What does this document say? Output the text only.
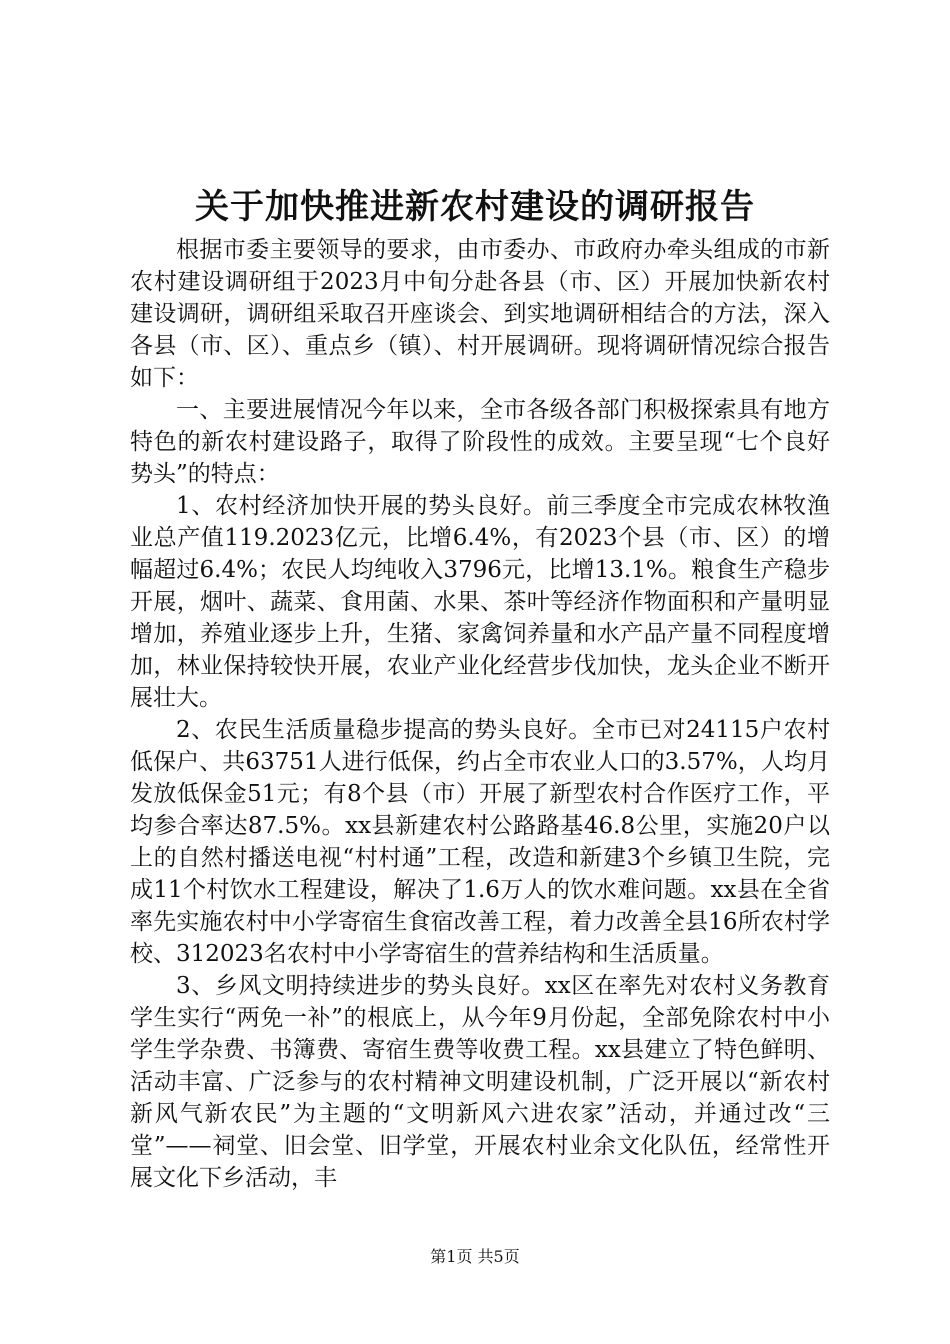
关于加快推进新农村建设的调研报告

根据市委主要领导的要求，由市委办、市政府办牵头组成的市新农村建设调研组于2023月中旬分赴各县（市、区）开展加快新农村建设调研，调研组采取召开座谈会、到实地调研相结合的方法，深入各县（市、区）、重点乡（镇）、村开展调研。现将调研情况综合报告如下：

一、主要进展情况今年以来，全市各级各部门积极探索具有地方特色的新农村建设路子，取得了阶段性的成效。主要呈现“七个良好势头”的特点：

1、农村经济加快开展的势头良好。前三季度全市完成农林牧渔业总产值119.2023亿元，比增6.4%，有2023个县（市、区）的增幅超过6.4%；农民人均纯收入3796元，比增13.1%。粮食生产稳步开展，烟叶、蔬菜、食用菌、水果、茶叶等经济作物面积和产量明显增加，养殖业逐步上升，生猪、家禽饲养量和水产品产量不同程度增加，林业保持较快开展，农业产业化经营步伐加快，龙头企业不断开展壮大。

2、农民生活质量稳步提高的势头良好。全市已对24115户农村低保户、共63751人进行低保，约占全市农业人口的3.57%，人均月发放低保金51元；有8个县（市）开展了新型农村合作医疗工作，平均参合率达87.5%。xx县新建农村公路路基46.8公里，实施20户以上的自然村播送电视“村村通”工程，改造和新建3个乡镇卫生院，完成11个村饮水工程建设，解决了1.6万人的饮水难问题。xx县在全省率先实施农村中小学寄宿生食宿改善工程，着力改善全县16所农村学校、312023名农村中小学寄宿生的营养结构和生活质量。

3、乡风文明持续进步的势头良好。xx区在率先对农村义务教育学生实行“两免一补”的根底上，从今年9月份起，全部免除农村中小学生学杂费、书簿费、寄宿生费等收费工程。xx县建立了特色鲜明、活动丰富、广泛参与的农村精神文明建设机制，广泛开展以“新农村新风气新农民”为主题的“文明新风六进农家”活动，并通过改“三堂”——祠堂、旧会堂、旧学堂，开展农村业余文化队伍，经常性开展文化下乡活动，丰

第1页 共5页
